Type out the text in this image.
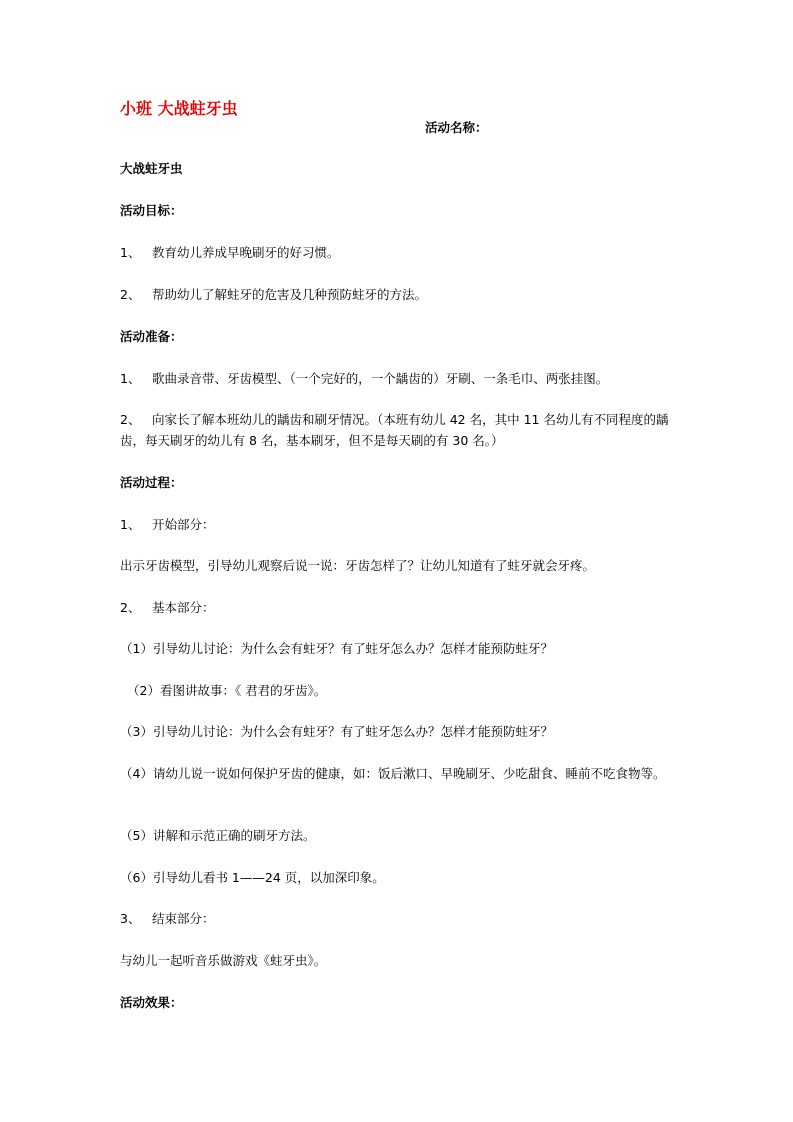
小班 大战蛀牙虫
活动名称：
大战蛀牙虫
活动目标：
1、 教育幼儿养成早晚刷牙的好习惯。
2、 帮助幼儿了解蛀牙的危害及几种预防蛀牙的方法。
活动准备：
1、 歌曲录音带、牙齿模型、（一个完好的，一个龋齿的）牙刷、一条毛巾、两张挂图。
2、 向家长了解本班幼儿的龋齿和刷牙情况。（本班有幼儿 42 名，其中 11 名幼儿有不同程度的龋齿，每天刷牙的幼儿有 8 名，基本刷牙，但不是每天刷的有 30 名。）
活动过程：
1、 开始部分：
出示牙齿模型，引导幼儿观察后说一说：牙齿怎样了？让幼儿知道有了蛀牙就会牙疼。
2、 基本部分：
（1）引导幼儿讨论：为什么会有蛀牙？有了蛀牙怎么办？怎样才能预防蛀牙？
（2）看图讲故事：《 君君的牙齿》。
（3）引导幼儿讨论：为什么会有蛀牙？有了蛀牙怎么办？怎样才能预防蛀牙？
（4）请幼儿说一说如何保护牙齿的健康，如：饭后漱口、早晚刷牙、少吃甜食、睡前不吃食物等。
（5）讲解和示范正确的刷牙方法。
（6）引导幼儿看书 1——24 页，以加深印象。
3、 结束部分：
与幼儿一起听音乐做游戏《蛀牙虫》。
活动效果：
